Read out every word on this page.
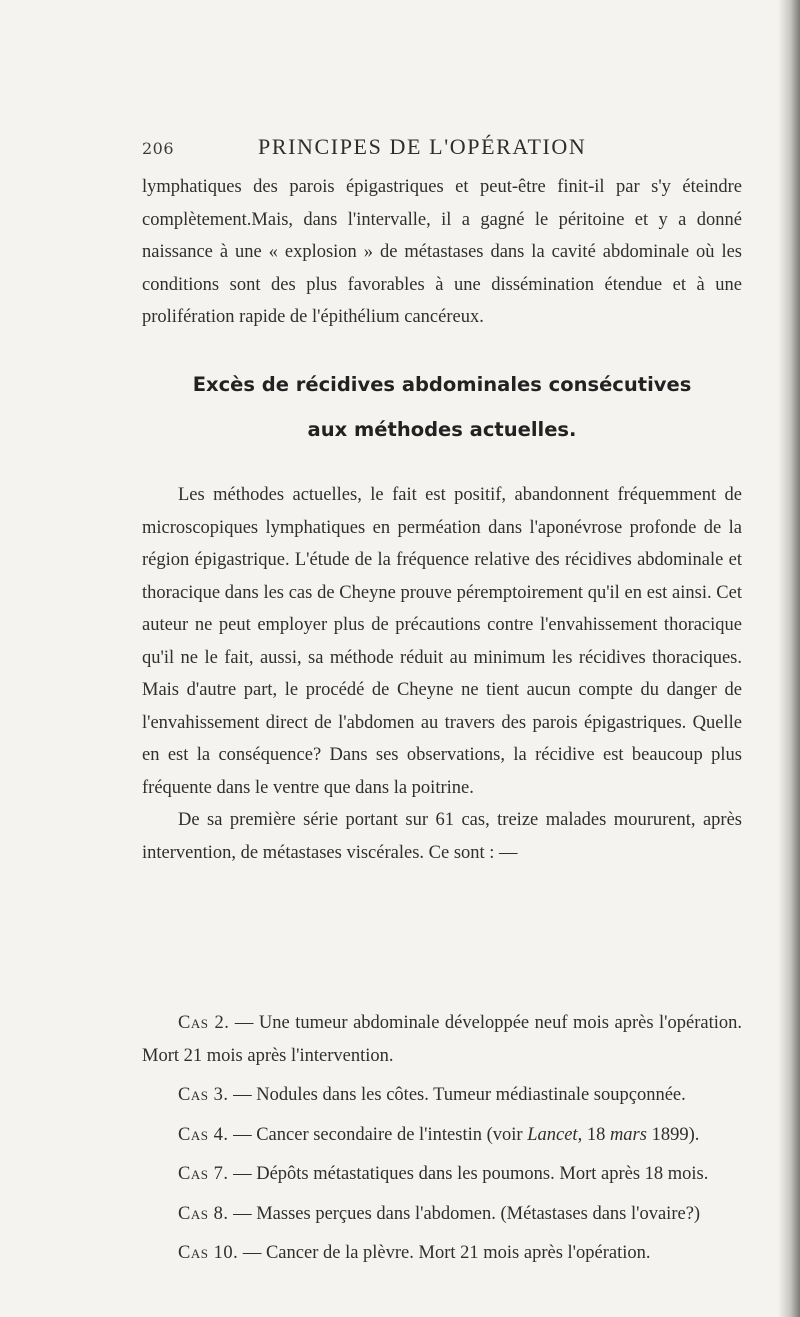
206	PRINCIPES DE L'OPÉRATION

lymphatiques des parois épigastriques et peut-être finit-il par s'y éteindre complètement.Mais, dans l'intervalle, il a gagné le péritoine et y a donné naissance à une « explosion » de métastases dans la cavité abdominale où les conditions sont des plus favorables à une dissémination étendue et à une prolifération rapide de l'épithélium cancéreux.

Excès de récidives abdominales consécutives

aux méthodes actuelles.

Les méthodes actuelles, le fait est positif, abandonnent fréquemment de microscopiques lymphatiques en perméation dans l'aponévrose profonde de la région épigastrique. L'étude de la fréquence relative des récidives abdominale et thoracique dans les cas de Cheyne prouve péremptoirement qu'il en est ainsi. Cet auteur ne peut employer plus de précautions contre l'envahissement thoracique qu'il ne le fait, aussi, sa méthode réduit au minimum les récidives thoraciques. Mais d'autre part, le procédé de Cheyne ne tient aucun compte du danger de l'envahissement direct de l'abdomen au travers des parois épigastriques. Quelle en est la conséquence? Dans ses observations, la récidive est beaucoup plus fréquente dans le ventre que dans la poitrine.

De sa première série portant sur 61 cas, treize malades moururent, après intervention, de métastases viscérales. Ce sont : —

Cas 2. — Une tumeur abdominale développée neuf mois après l'opération. Mort 21 mois après l'intervention.

Cas 3. — Nodules dans les côtes. Tumeur médiastinale soupçonnée.

Cas 4. — Cancer secondaire de l'intestin (voir Lancet, 18 mars 1899).

Cas 7. — Dépôts métastatiques dans les poumons. Mort après 18 mois.

Cas 8. — Masses perçues dans l'abdomen. (Métastases dans l'ovaire?)

Cas 10. — Cancer de la plèvre. Mort 21 mois après l'opération.
